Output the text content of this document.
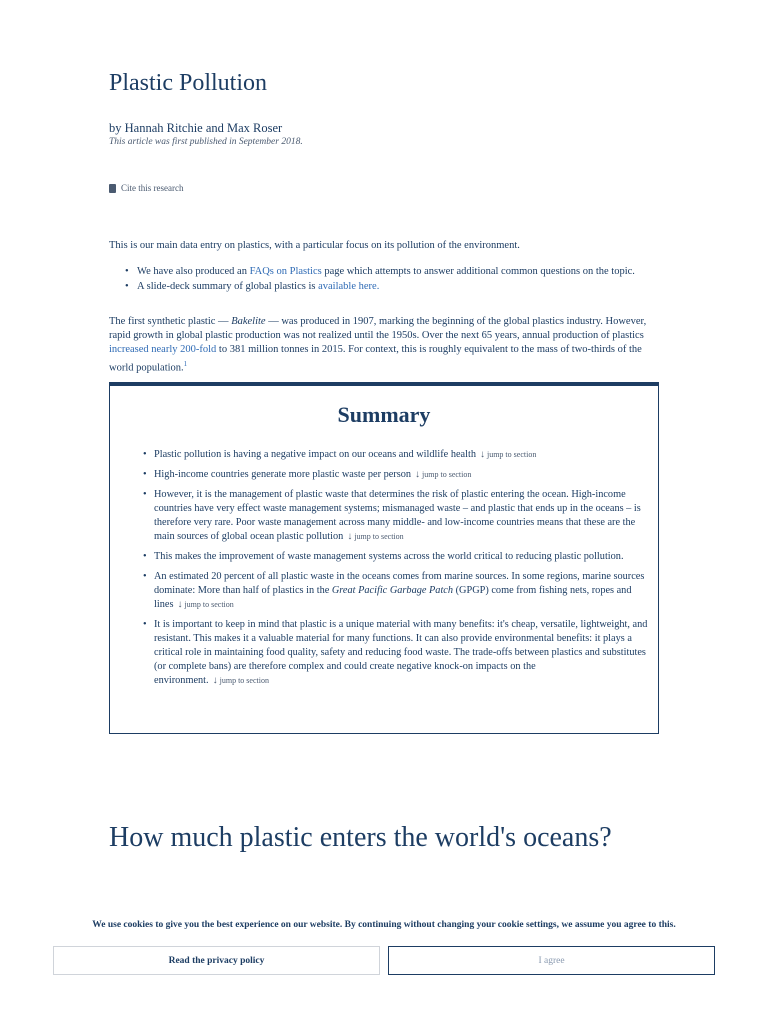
Plastic Pollution
by Hannah Ritchie and Max Roser
This article was first published in September 2018.
Cite this research

This is our main data entry on plastics, with a particular focus on its pollution of the environment.

• We have also produced an FAQs on Plastics page which attempts to answer additional common questions on the topic.
• A slide-deck summary of global plastics is available here.

The first synthetic plastic — Bakelite — was produced in 1907, marking the beginning of the global plastics industry. However, rapid growth in global plastic production was not realized until the 1950s. Over the next 65 years, annual production of plastics increased nearly 200-fold to 381 million tonnes in 2015. For context, this is roughly equivalent to the mass of two-thirds of the world population.$^1$

Summary
• Plastic pollution is having a negative impact on our oceans and wildlife health ↓ jump to section
• High-income countries generate more plastic waste per person ↓ jump to section
• However, it is the management of plastic waste that determines the risk of plastic entering the ocean. High-income countries have very effect waste management systems; mismanaged waste – and plastic that ends up in the oceans – is therefore very rare. Poor waste management across many middle- and low-income countries means that these are the main sources of global ocean plastic pollution ↓ jump to section
• This makes the improvement of waste management systems across the world critical to reducing plastic pollution.
• An estimated 20 percent of all plastic waste in the oceans comes from marine sources. In some regions, marine sources dominate: More than half of plastics in the Great Pacific Garbage Patch (GPGP) come from fishing nets, ropes and lines ↓ jump to section
• It is important to keep in mind that plastic is a unique material with many benefits: it's cheap, versatile, lightweight, and resistant. This makes it a valuable material for many functions. It can also provide environmental benefits: it plays a critical role in maintaining food quality, safety and reducing food waste. The trade-offs between plastics and substitutes (or complete bans) are therefore complex and could create negative knock-on impacts on the environment. ↓ jump to section
How much plastic enters the world's oceans?
We use cookies to give you the best experience on our website. By continuing without changing your cookie settings, we assume you agree to this.
Read the privacy policy	I agree
